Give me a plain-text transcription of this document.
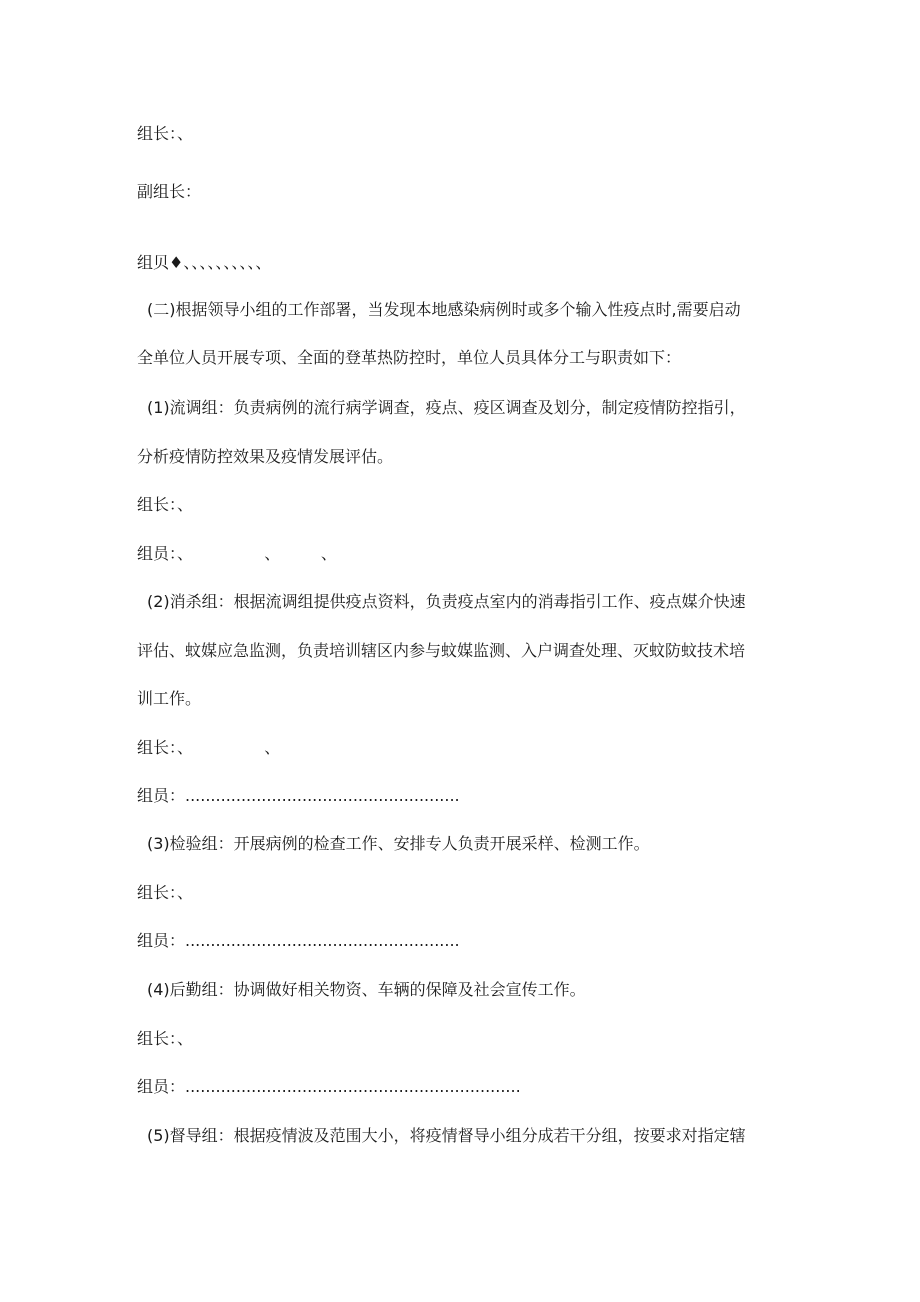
组长：、
副组长：
组贝♦、、、、、、、、、、
(二)根据领导小组的工作部署，当发现本地感染病例时或多个输入性疫点时,需要启动
全单位人员开展专项、全面的登革热防控时，单位人员具体分工与职责如下：
(1)流调组：负责病例的流行病学调查，疫点、疫区调查及划分，制定疫情防控指引，
分析疫情防控效果及疫情发展评估。
组长：、
组员：、              、        、
(2)消杀组：根据流调组提供疫点资料，负责疫点室内的消毒指引工作、疫点媒介快速
评估、蚊媒应急监测，负责培训辖区内参与蚊媒监测、入户调查处理、灭蚊防蚊技术培
训工作。
组长：、              、
组员：......................................................
(3)检验组：开展病例的检查工作、安排专人负责开展采样、检测工作。
组长：、
组员：......................................................
(4)后勤组：协调做好相关物资、车辆的保障及社会宣传工作。
组长：、
组员：..................................................................
(5)督导组：根据疫情波及范围大小，将疫情督导小组分成若干分组，按要求对指定辖
